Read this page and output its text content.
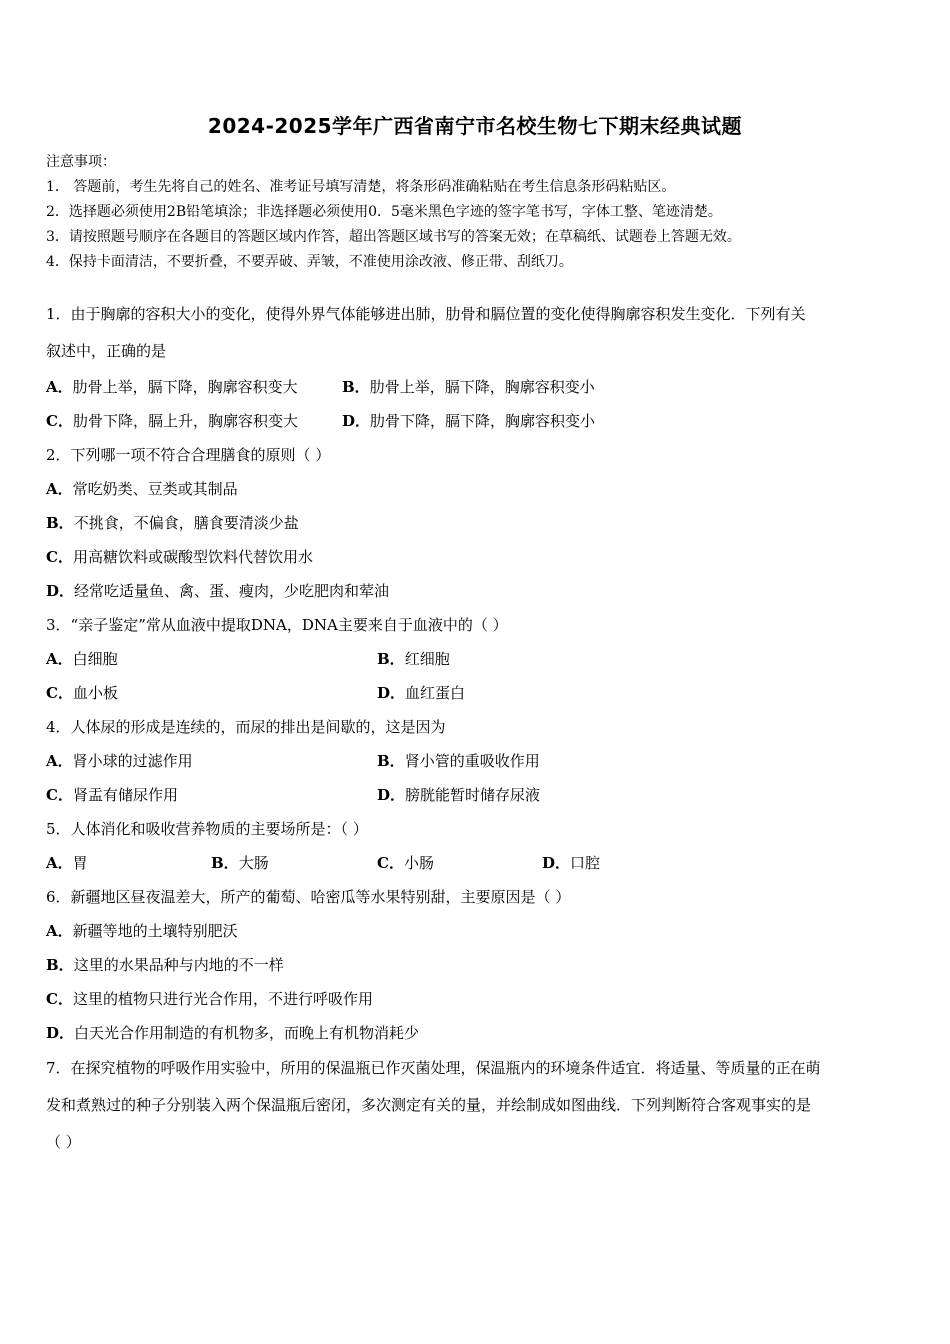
2024-2025学年广西省南宁市名校生物七下期末经典试题
注意事项：
1． 答题前，考生先将自己的姓名、准考证号填写清楚，将条形码准确粘贴在考生信息条形码粘贴区。
2．选择题必须使用2B铅笔填涂；非选择题必须使用0．5毫米黑色字迹的签字笔书写，字体工整、笔迹清楚。
3．请按照题号顺序在各题目的答题区域内作答，超出答题区域书写的答案无效；在草稿纸、试题卷上答题无效。
4．保持卡面清洁，不要折叠，不要弄破、弄皱，不准使用涂改液、修正带、刮纸刀。
1．由于胸廓的容积大小的变化，使得外界气体能够进出肺，肋骨和膈位置的变化使得胸廓容积发生变化．下列有关
叙述中，正确的是
A．肋骨上举，膈下降，胸廓容积变大	B．肋骨上举，膈下降，胸廓容积变小
C．肋骨下降，膈上升，胸廓容积变大	D．肋骨下降，膈下降，胸廓容积变小
2．下列哪一项不符合合理膳食的原则（ ）
A．常吃奶类、豆类或其制品
B．不挑食，不偏食，膳食要清淡少盐
C．用高糖饮料或碳酸型饮料代替饮用水
D．经常吃适量鱼、禽、蛋、瘦肉，少吃肥肉和荤油
3．“亲子鉴定”常从血液中提取DNA，DNA主要来自于血液中的（ ）
A．白细胞	B．红细胞
C．血小板	D．血红蛋白
4．人体尿的形成是连续的，而尿的排出是间歇的，这是因为
A．肾小球的过滤作用	B．肾小管的重吸收作用
C．肾盂有储尿作用	D．膀胱能暂时储存尿液
5．人体消化和吸收营养物质的主要场所是：（ ）
A．胃	B．大肠	C．小肠	D．口腔
6．新疆地区昼夜温差大，所产的葡萄、哈密瓜等水果特别甜，主要原因是（ ）
A．新疆等地的土壤特别肥沃
B．这里的水果品种与内地的不一样
C．这里的植物只进行光合作用，不进行呼吸作用
D．白天光合作用制造的有机物多，而晚上有机物消耗少
7．在探究植物的呼吸作用实验中，所用的保温瓶已作灭菌处理，保温瓶内的环境条件适宜．将适量、等质量的正在萌
发和煮熟过的种子分别装入两个保温瓶后密闭，多次测定有关的量，并绘制成如图曲线．下列判断符合客观事实的是
（ ）
